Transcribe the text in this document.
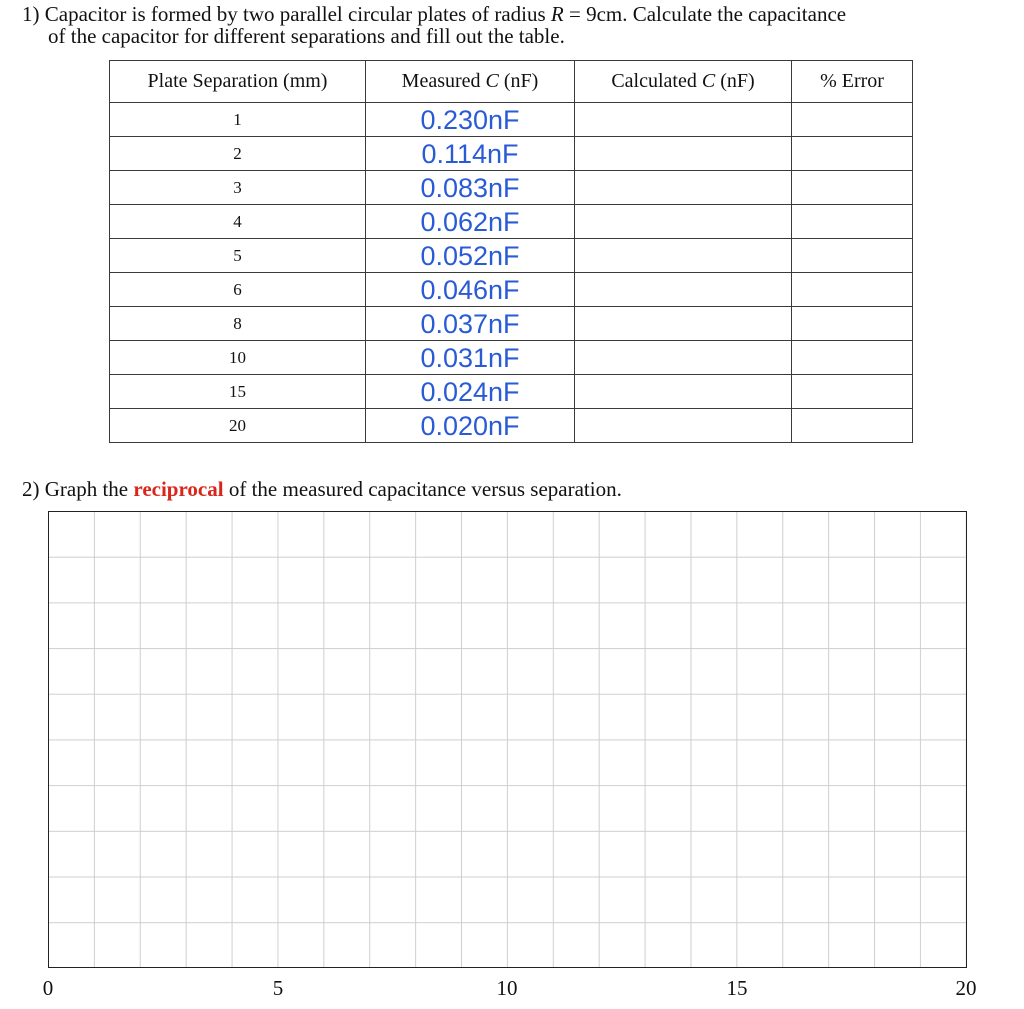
1) Capacitor is formed by two parallel circular plates of radius R = 9cm. Calculate the capacitance
of the capacitor for different separations and fill out the table.
Plate Separation (mm)	Measured C (nF)	Calculated C (nF)	% Error
1	0.230nF		
2	0.114nF		
3	0.083nF		
4	0.062nF		
5	0.052nF		
6	0.046nF		
8	0.037nF		
10	0.031nF		
15	0.024nF		
20	0.020nF		
2) Graph the reciprocal of the measured capacitance versus separation.
0	5	10	15	20
